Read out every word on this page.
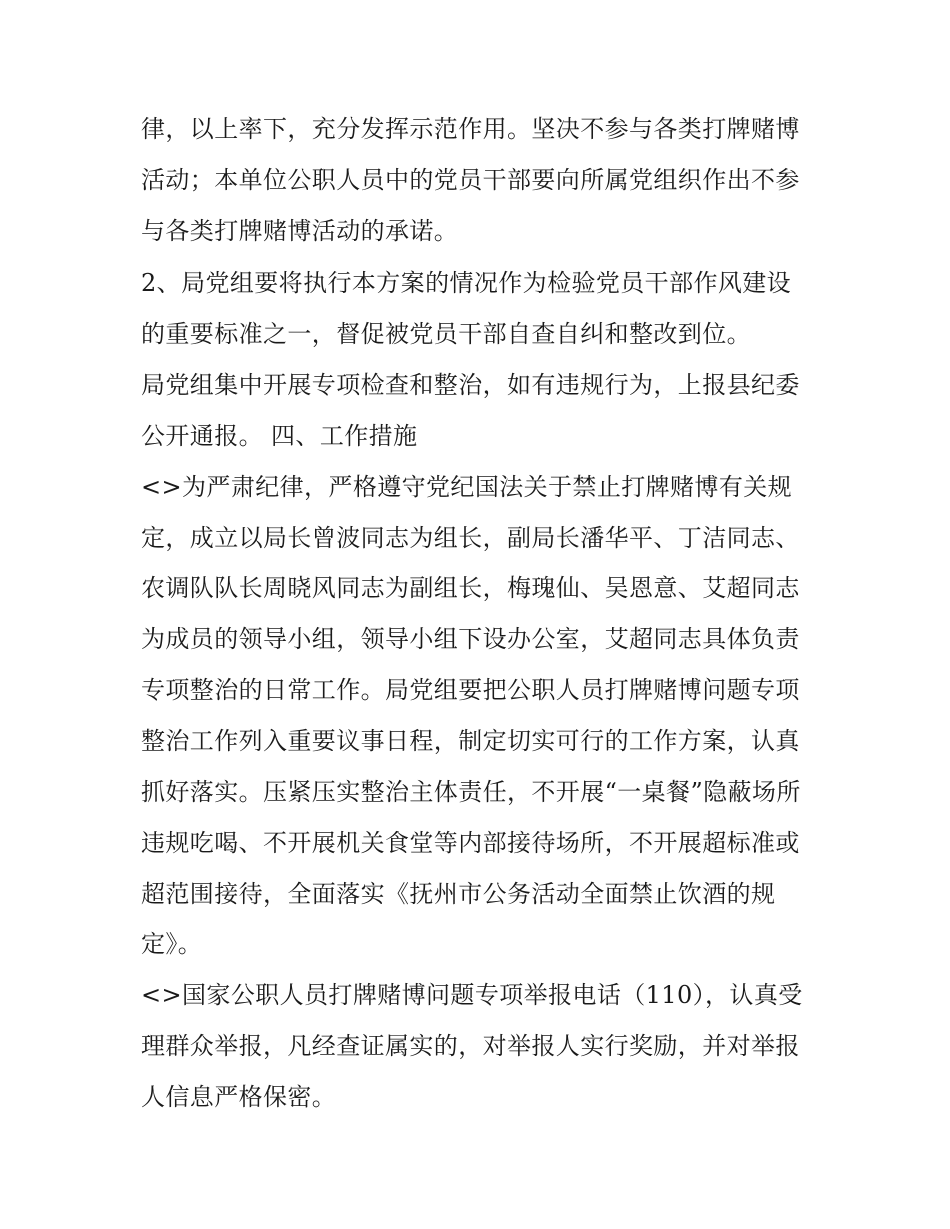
律，以上率下，充分发挥示范作用。坚决不参与各类打牌赌博

活动；本单位公职人员中的党员干部要向所属党组织作出不参

与各类打牌赌博活动的承诺。

2、局党组要将执行本方案的情况作为检验党员干部作风建设

的重要标准之一，督促被党员干部自查自纠和整改到位。

局党组集中开展专项检查和整治，如有违规行为，上报县纪委

公开通报。 四、工作措施

<>为严肃纪律，严格遵守党纪国法关于禁止打牌赌博有关规

定，成立以局长曾波同志为组长，副局长潘华平、丁洁同志、

农调队队长周晓风同志为副组长，梅瑰仙、吴恩意、艾超同志

为成员的领导小组，领导小组下设办公室，艾超同志具体负责

专项整治的日常工作。局党组要把公职人员打牌赌博问题专项

整治工作列入重要议事日程，制定切实可行的工作方案，认真

抓好落实。压紧压实整治主体责任，不开展“一桌餐”隐蔽场所

违规吃喝、不开展机关食堂等内部接待场所，不开展超标准或

超范围接待，全面落实《抚州市公务活动全面禁止饮酒的规

定》。

<>国家公职人员打牌赌博问题专项举报电话（110），认真受

理群众举报，凡经查证属实的，对举报人实行奖励，并对举报

人信息严格保密。
